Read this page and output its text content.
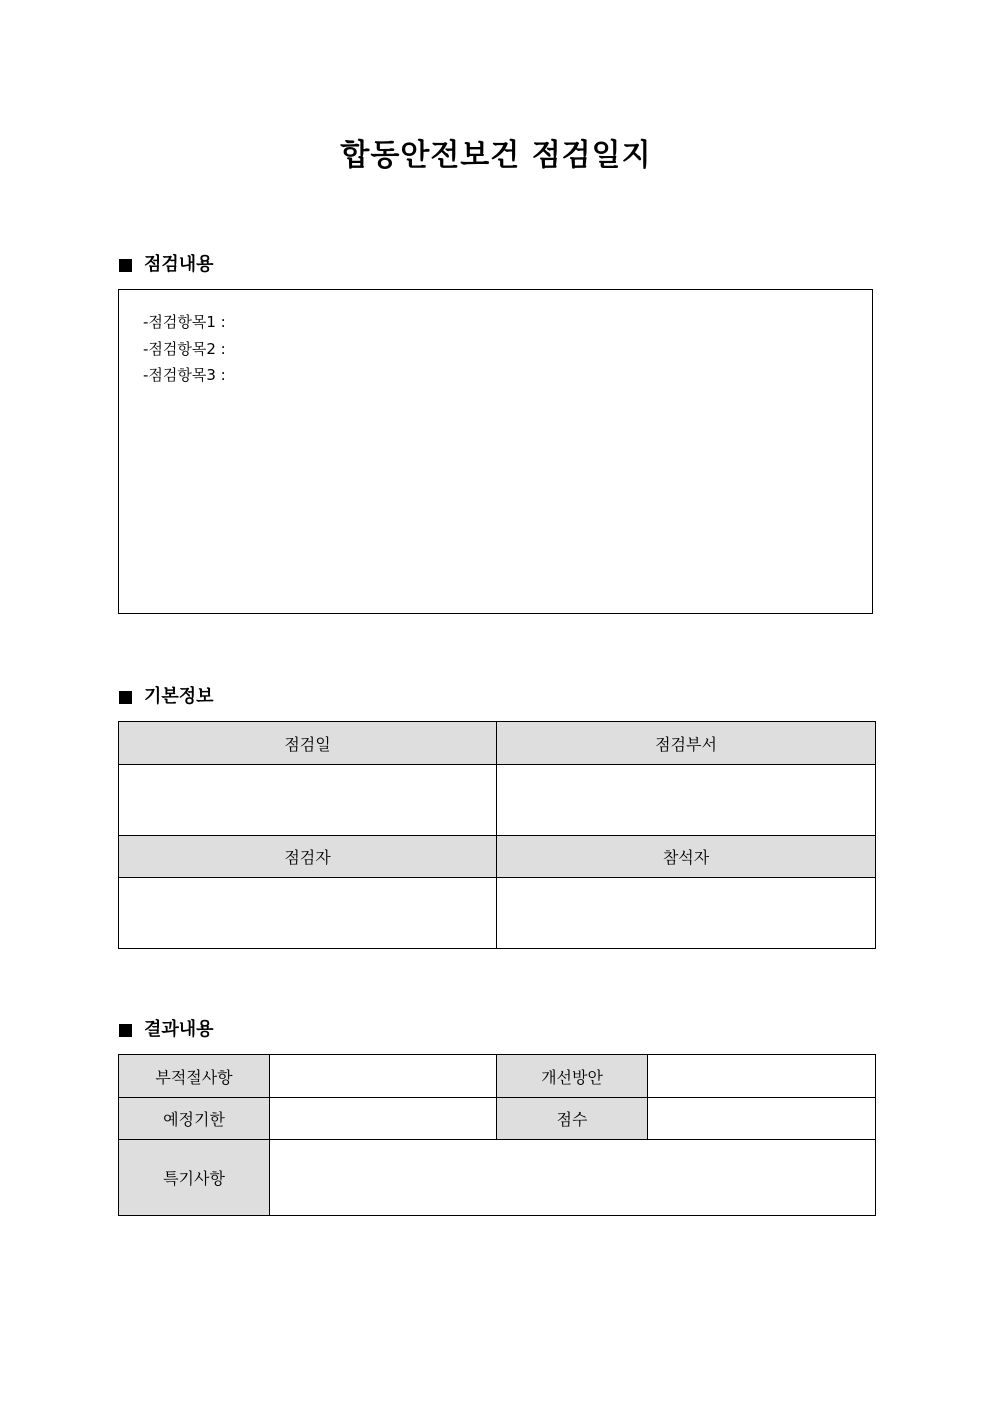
합동안전보건 점검일지
점검내용
-점검항목1 :
-점검항목2 :
-점검항목3 :
기본정보
점검일	점검부서

점검자	참석자

결과내용
부적절사항		개선방안	
예정기한		점수	
특기사항			
